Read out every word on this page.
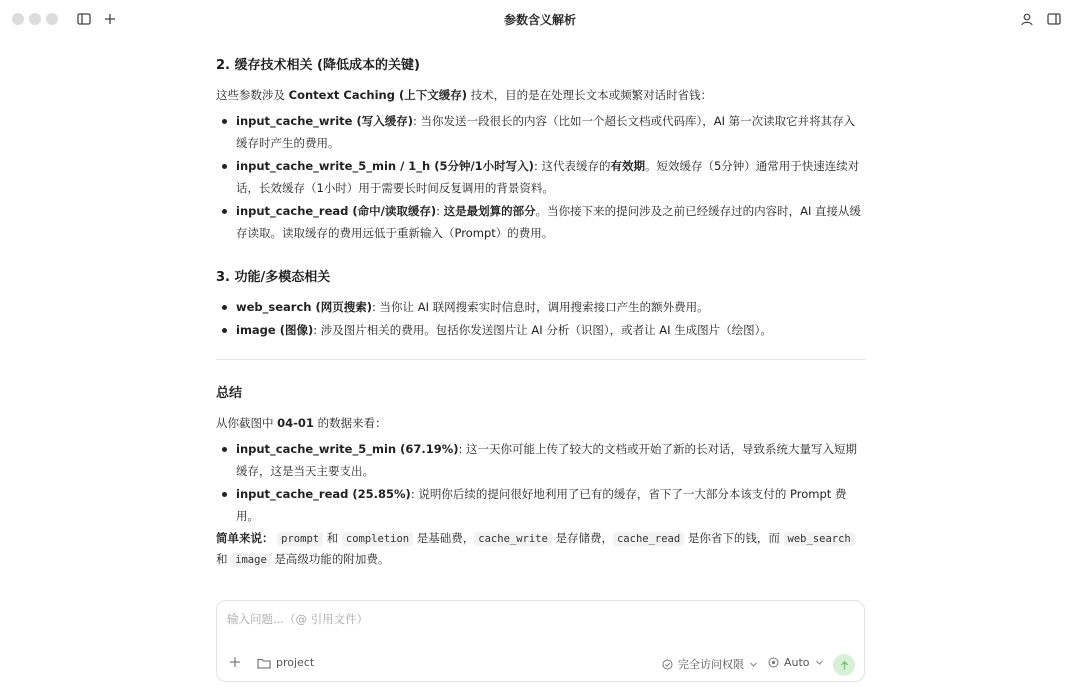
参数含义解析
2. 缓存技术相关 (降低成本的关键)

这些参数涉及 Context Caching (上下文缓存) 技术，目的是在处理长文本或频繁对话时省钱：

input_cache_write (写入缓存): 当你发送一段很长的内容（比如一个超长文档或代码库），AI 第一次读取它并将其存入缓存时产生的费用。
input_cache_write_5_min / 1_h (5分钟/1小时写入): 这代表缓存的有效期。短效缓存（5分钟）通常用于快速连续对话，长效缓存（1小时）用于需要长时间反复调用的背景资料。
input_cache_read (命中/读取缓存): 这是最划算的部分。当你接下来的提问涉及之前已经缓存过的内容时，AI 直接从缓存读取。读取缓存的费用远低于重新输入（Prompt）的费用。
3. 功能/多模态相关
web_search (网页搜索): 当你让 AI 联网搜索实时信息时，调用搜索接口产生的额外费用。
image (图像): 涉及图片相关的费用。包括你发送图片让 AI 分析（识图），或者让 AI 生成图片（绘图）。
总结

从你截图中 04-01 的数据来看：

input_cache_write_5_min (67.19%): 这一天你可能上传了较大的文档或开始了新的长对话，导致系统大量写入短期缓存，这是当天主要支出。
input_cache_read (25.85%): 说明你后续的提问很好地利用了已有的缓存，省下了一大部分本该支付的 Prompt 费用。
简单来说： prompt 和 completion 是基础费， cache_write 是存储费， cache_read 是你省下的钱，而 web_search 和 image 是高级功能的附加费。
输入问题...（@ 引用文件）
project	完全访问权限	Auto
